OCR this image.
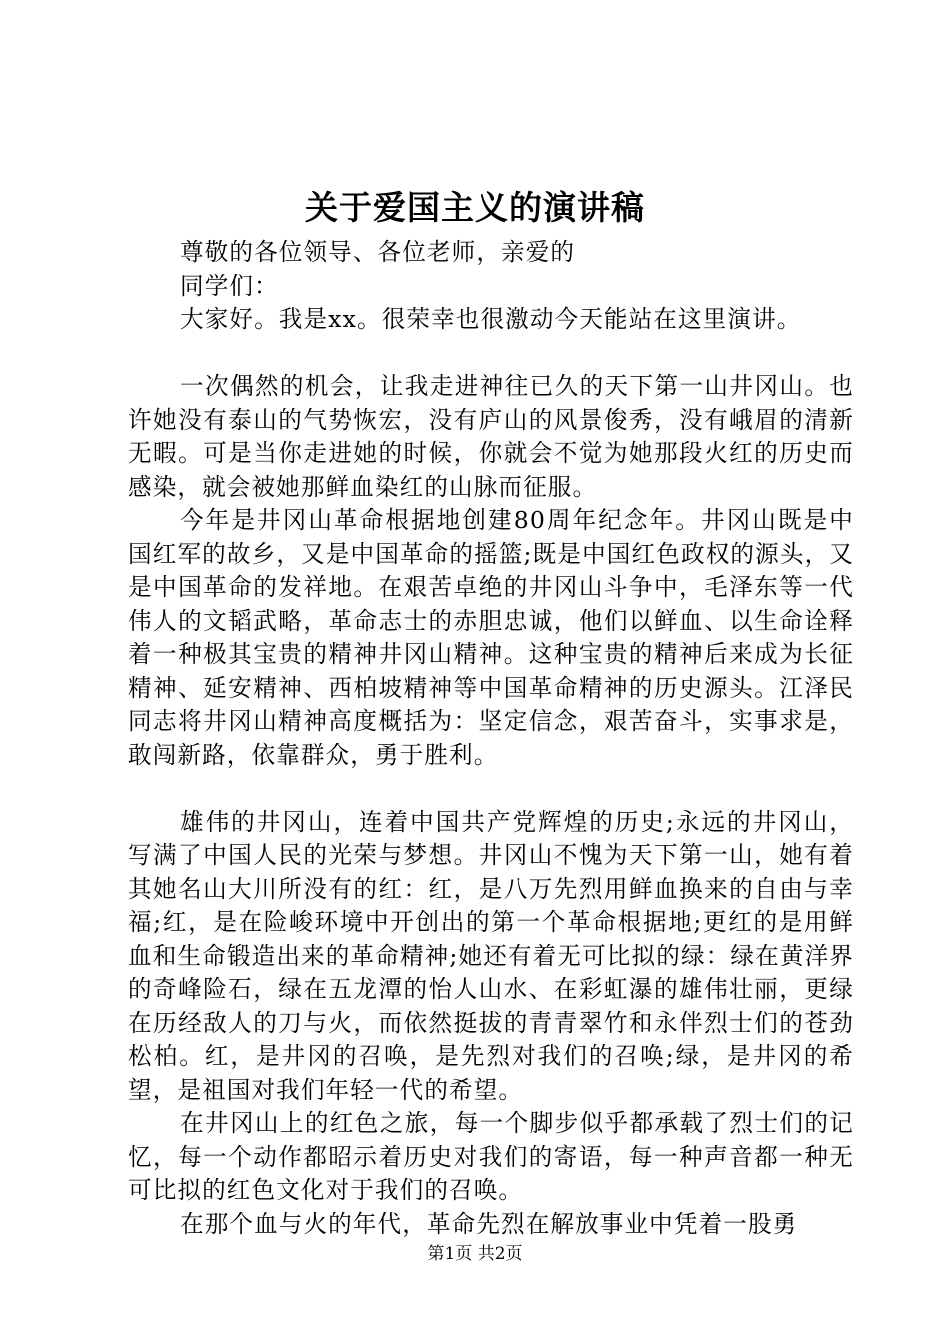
关于爱国主义的演讲稿

尊敬的各位领导、各位老师，亲爱的

同学们：

大家好。我是xx。很荣幸也很激动今天能站在这里演讲。

一次偶然的机会，让我走进神往已久的天下第一山井冈山。也许她没有泰山的气势恢宏，没有庐山的风景俊秀，没有峨眉的清新无暇。可是当你走进她的时候，你就会不觉为她那段火红的历史而感染，就会被她那鲜血染红的山脉而征服。

今年是井冈山革命根据地创建80周年纪念年。井冈山既是中国红军的故乡，又是中国革命的摇篮;既是中国红色政权的源头，又是中国革命的发祥地。在艰苦卓绝的井冈山斗争中，毛泽东等一代伟人的文韬武略，革命志士的赤胆忠诚，他们以鲜血、以生命诠释着一种极其宝贵的精神井冈山精神。这种宝贵的精神后来成为长征精神、延安精神、西柏坡精神等中国革命精神的历史源头。江泽民同志将井冈山精神高度概括为：坚定信念，艰苦奋斗，实事求是，敢闯新路，依靠群众，勇于胜利。

雄伟的井冈山，连着中国共产党辉煌的历史;永远的井冈山，写满了中国人民的光荣与梦想。井冈山不愧为天下第一山，她有着其她名山大川所没有的红：红，是八万先烈用鲜血换来的自由与幸福;红，是在险峻环境中开创出的第一个革命根据地;更红的是用鲜血和生命锻造出来的革命精神;她还有着无可比拟的绿：绿在黄洋界的奇峰险石，绿在五龙潭的怡人山水、在彩虹瀑的雄伟壮丽，更绿在历经敌人的刀与火，而依然挺拔的青青翠竹和永伴烈士们的苍劲松柏。红，是井冈的召唤，是先烈对我们的召唤;绿，是井冈的希望，是祖国对我们年轻一代的希望。

在井冈山上的红色之旅，每一个脚步似乎都承载了烈士们的记忆，每一个动作都昭示着历史对我们的寄语，每一种声音都一种无可比拟的红色文化对于我们的召唤。

在那个血与火的年代，革命先烈在解放事业中凭着一股勇

第1页 共2页
